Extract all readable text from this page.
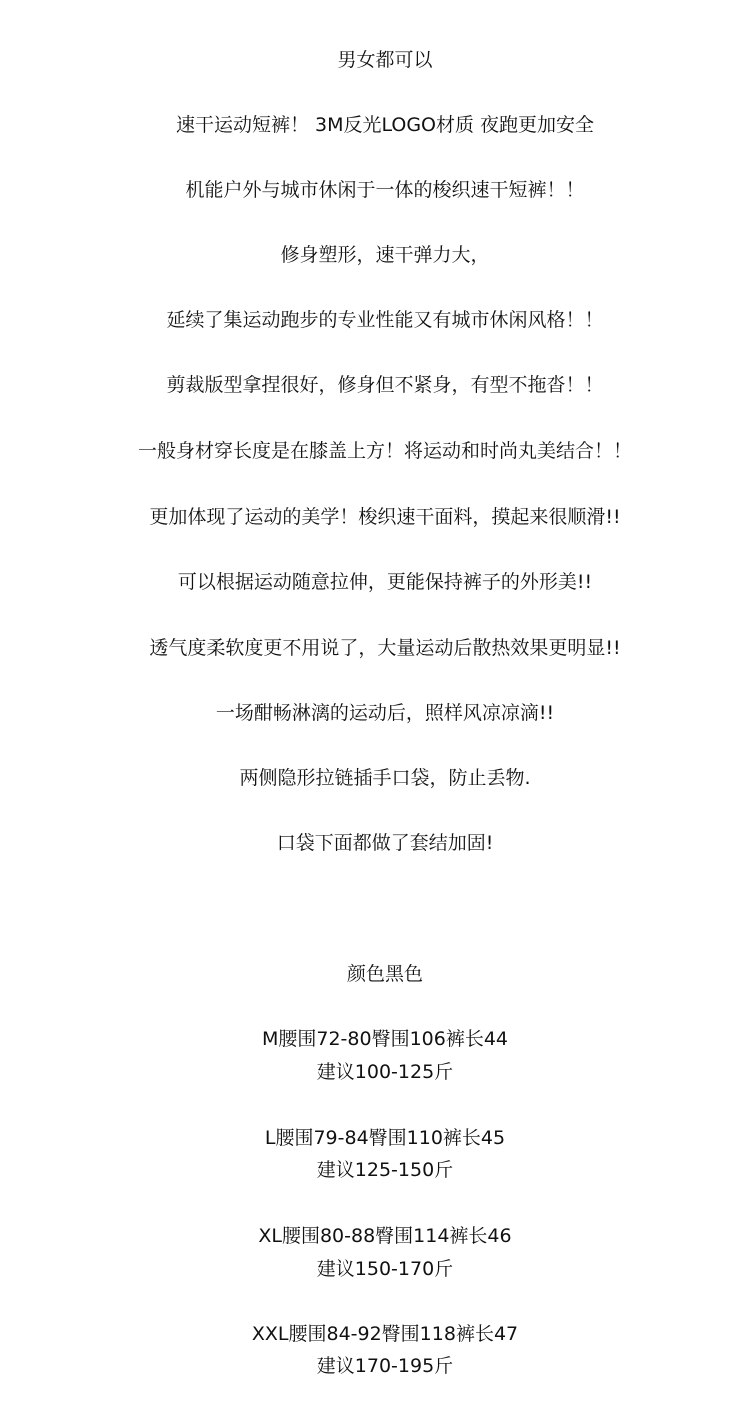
男女都可以
速干运动短裤！ 3M反光LOGO材质 夜跑更加安全
机能户外与城市休闲于一体的梭织速干短裤！！
修身塑形，速干弹力大，
延续了集运动跑步的专业性能又有城市休闲风格！！
剪裁版型拿捏很好，修身但不紧身，有型不拖沓！！
一般身材穿长度是在膝盖上方！将运动和时尚丸美结合！！
更加体现了运动的美学！梭织速干面料，摸起来很顺滑!!
可以根据运动随意拉伸，更能保持裤子的外形美!!
透气度柔软度更不用说了，大量运动后散热效果更明显!!
一场酣畅淋漓的运动后，照样风凉凉滴!!
两侧隐形拉链插手口袋，防止丢物.
口袋下面都做了套结加固!
颜色黑色
M腰围72-80臀围106裤长44
建议100-125斤
L腰围79-84臀围110裤长45
建议125-150斤
XL腰围80-88臀围114裤长46
建议150-170斤
XXL腰围84-92臀围118裤长47
建议170-195斤
